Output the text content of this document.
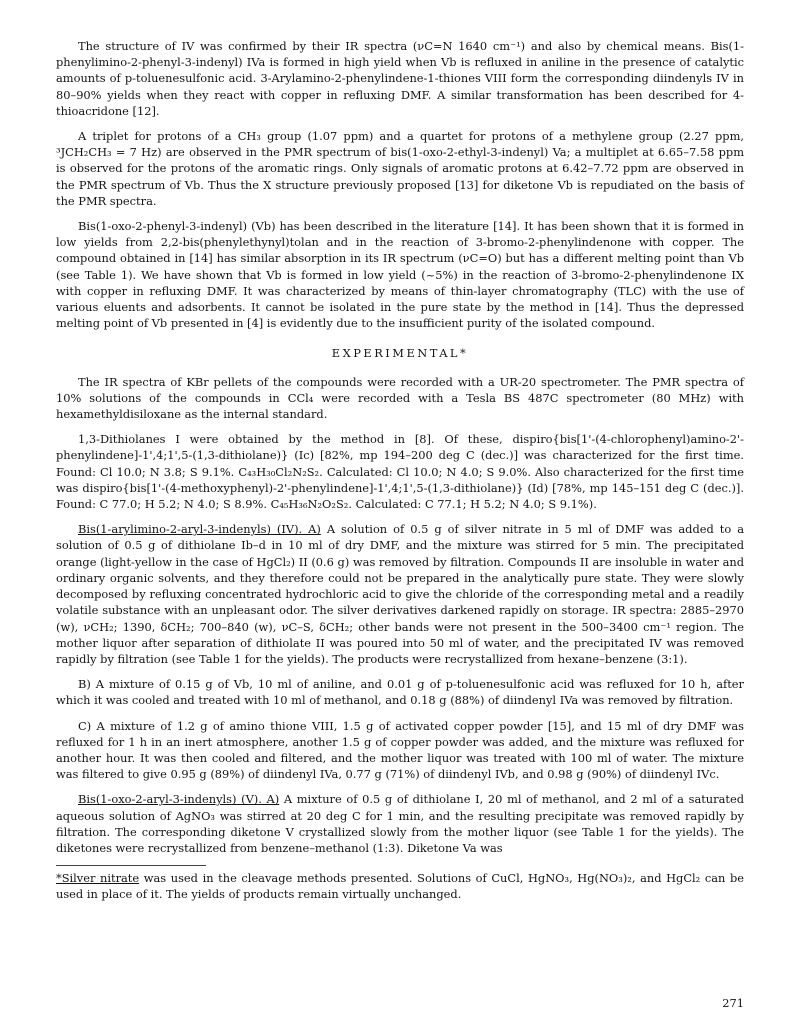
The structure of IV was confirmed by their IR spectra (νC=N 1640 cm⁻¹) and also by chemical means. Bis(1-phenylimino-2-phenyl-3-indenyl) IVa is formed in high yield when Vb is refluxed in aniline in the presence of catalytic amounts of p-toluenesulfonic acid. 3-Arylamino-2-phenylindene-1-thiones VIII form the corresponding diindenyls IV in 80–90% yields when they react with copper in refluxing DMF. A similar transformation has been described for 4-thioacridone [12].

A triplet for protons of a CH₃ group (1.07 ppm) and a quartet for protons of a methylene group (2.27 ppm, ³JCH₂CH₃ = 7 Hz) are observed in the PMR spectrum of bis(1-oxo-2-ethyl-3-indenyl) Va; a multiplet at 6.65–7.58 ppm is observed for the protons of the aromatic rings. Only signals of aromatic protons at 6.42–7.72 ppm are observed in the PMR spectrum of Vb. Thus the X structure previously proposed [13] for diketone Vb is repudiated on the basis of the PMR spectra.

Bis(1-oxo-2-phenyl-3-indenyl) (Vb) has been described in the literature [14]. It has been shown that it is formed in low yields from 2,2-bis(phenylethynyl)tolan and in the reaction of 3-bromo-2-phenylindenone with copper. The compound obtained in [14] has similar absorption in its IR spectrum (νC=O) but has a different melting point than Vb (see Table 1). We have shown that Vb is formed in low yield (~5%) in the reaction of 3-bromo-2-phenylindenone IX with copper in refluxing DMF. It was characterized by means of thin-layer chromatography (TLC) with the use of various eluents and adsorbents. It cannot be isolated in the pure state by the method in [14]. Thus the depressed melting point of Vb presented in [4] is evidently due to the insufficient purity of the isolated compound.

EXPERIMENTAL*

The IR spectra of KBr pellets of the compounds were recorded with a UR-20 spectrometer. The PMR spectra of 10% solutions of the compounds in CCl₄ were recorded with a Tesla BS 487C spectrometer (80 MHz) with hexamethyldisiloxane as the internal standard.

1,3-Dithiolanes I were obtained by the method in [8]. Of these, dispiro{bis[1'-(4-chlorophenyl)amino-2'-phenylindene]-1',4;1',5-(1,3-dithiolane)} (Ic) [82%, mp 194–200 deg C (dec.)] was characterized for the first time. Found: Cl 10.0; N 3.8; S 9.1%. C₄₃H₃₀Cl₂N₂S₂. Calculated: Cl 10.0; N 4.0; S 9.0%. Also characterized for the first time was dispiro{bis[1'-(4-methoxyphenyl)-2'-phenylindene]-1',4;1',5-(1,3-dithiolane)} (Id) [78%, mp 145–151 deg C (dec.)]. Found: C 77.0; H 5.2; N 4.0; S 8.9%. C₄₅H₃₆N₂O₂S₂. Calculated: C 77.1; H 5.2; N 4.0; S 9.1%).

Bis(1-arylimino-2-aryl-3-indenyls) (IV). A) A solution of 0.5 g of silver nitrate in 5 ml of DMF was added to a solution of 0.5 g of dithiolane Ib–d in 10 ml of dry DMF, and the mixture was stirred for 5 min. The precipitated orange (light-yellow in the case of HgCl₂) II (0.6 g) was removed by filtration. Compounds II are insoluble in water and ordinary organic solvents, and they therefore could not be prepared in the analytically pure state. They were slowly decomposed by refluxing concentrated hydrochloric acid to give the chloride of the corresponding metal and a readily volatile substance with an unpleasant odor. The silver derivatives darkened rapidly on storage. IR spectra: 2885–2970 (w), νCH₂; 1390, δCH₂; 700–840 (w), νC–S, δCH₂; other bands were not present in the 500–3400 cm⁻¹ region. The mother liquor after separation of dithiolate II was poured into 50 ml of water, and the precipitated IV was removed rapidly by filtration (see Table 1 for the yields). The products were recrystallized from hexane–benzene (3:1).

B) A mixture of 0.15 g of Vb, 10 ml of aniline, and 0.01 g of p-toluenesulfonic acid was refluxed for 10 h, after which it was cooled and treated with 10 ml of methanol, and 0.18 g (88%) of diindenyl IVa was removed by filtration.

C) A mixture of 1.2 g of amino thione VIII, 1.5 g of activated copper powder [15], and 15 ml of dry DMF was refluxed for 1 h in an inert atmosphere, another 1.5 g of copper powder was added, and the mixture was refluxed for another hour. It was then cooled and filtered, and the mother liquor was treated with 100 ml of water. The mixture was filtered to give 0.95 g (89%) of diindenyl IVa, 0.77 g (71%) of diindenyl IVb, and 0.98 g (90%) of diindenyl IVc.

Bis(1-oxo-2-aryl-3-indenyls) (V). A) A mixture of 0.5 g of dithiolane I, 20 ml of methanol, and 2 ml of a saturated aqueous solution of AgNO₃ was stirred at 20 deg C for 1 min, and the resulting precipitate was removed rapidly by filtration. The corresponding diketone V crystallized slowly from the mother liquor (see Table 1 for the yields). The diketones were recrystallized from benzene–methanol (1:3). Diketone Va was

*Silver nitrate was used in the cleavage methods presented. Solutions of CuCl, HgNO₃, Hg(NO₃)₂, and HgCl₂ can be used in place of it. The yields of products remain virtually unchanged.

271
